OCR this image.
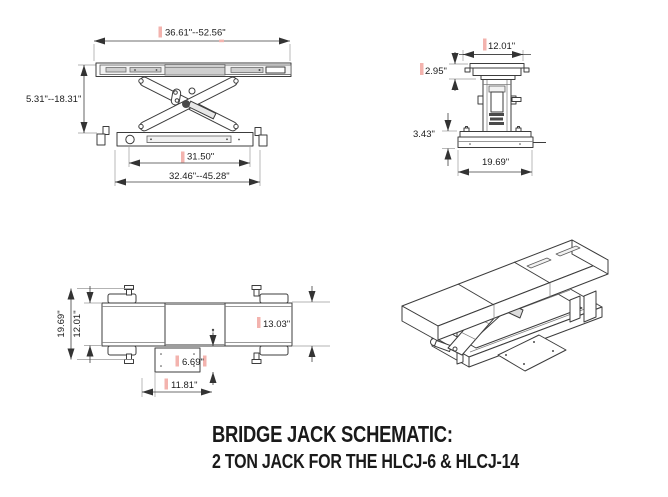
36.61"--52.56"
5.31"--18.31"
31.50"
32.46"--45.28"
12.01"
2.95"
3.43"
19.69"
19.69" 12.01"	13.03"
6.69"
11.81"
BRIDGE JACK SCHEMATIC:
2 TON JACK FOR THE HLCJ-6 & HLCJ-14
